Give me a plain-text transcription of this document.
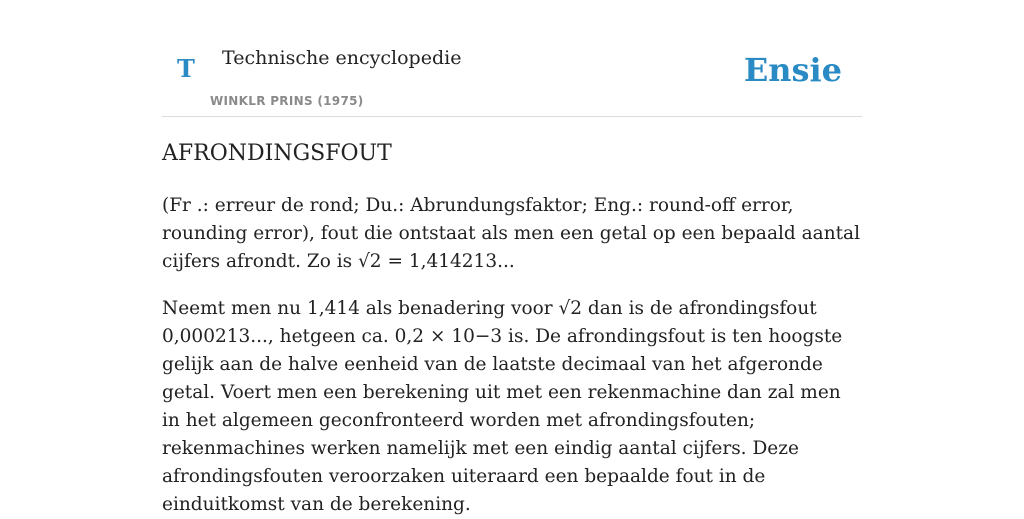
T Technische encyclopedie
WINKLR PRINS (1975)
Ensie
AFRONDINGSFOUT

(Fr .: erreur de rond; Du.: Abrundungsfaktor; Eng.: round-off error, rounding error), fout die ontstaat als men een getal op een bepaald aantal cijfers afrondt. Zo is √2 = 1,414213...

Neemt men nu 1,414 als benadering voor √2 dan is de afrondingsfout 0,000213..., hetgeen ca. 0,2 × 10−3 is. De afrondingsfout is ten hoogste gelijk aan de halve eenheid van de laatste decimaal van het afgeronde getal. Voert men een berekening uit met een rekenmachine dan zal men in het algemeen geconfronteerd worden met afrondingsfouten; rekenmachines werken namelijk met een eindig aantal cijfers. Deze afrondingsfouten veroorzaken uiteraard een bepaalde fout in de einduitkomst van de berekening.
